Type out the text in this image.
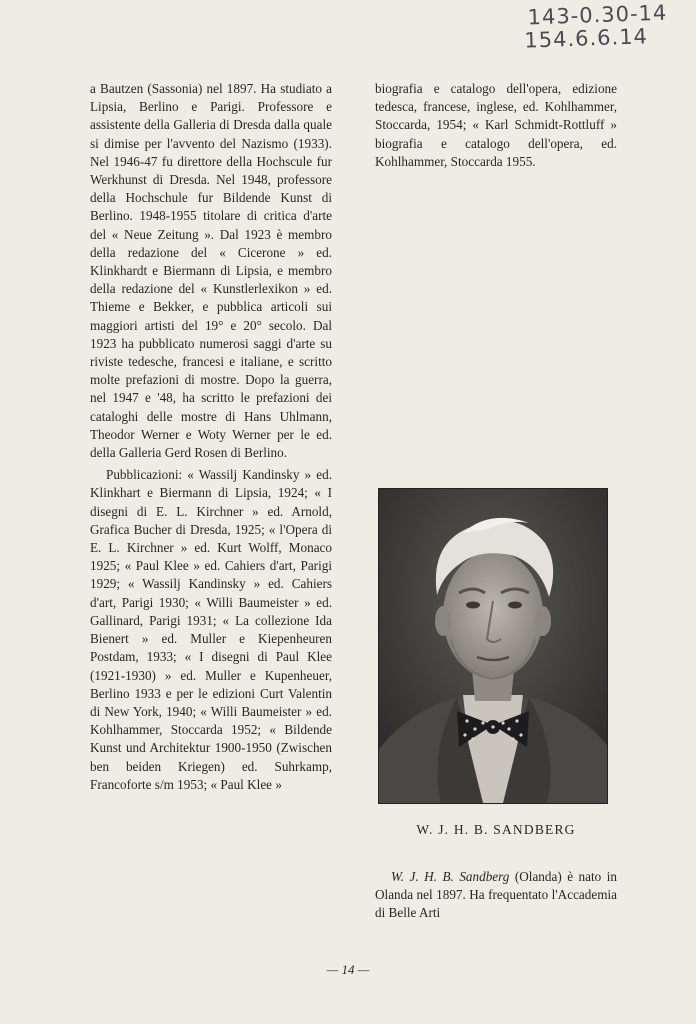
143-0.30-14
154.6.6.14

a Bautzen (Sassonia) nel 1897. Ha studiato a Lipsia, Berlino e Parigi. Professore e assistente della Galleria di Dresda dalla quale si dimise per l'avvento del Nazismo (1933). Nel 1946-47 fu direttore della Hochscule fur Werkhunst di Dresda. Nel 1948, professore della Hochschule fur Bildende Kunst di Berlino. 1948-1955 titolare di critica d'arte del « Neue Zeitung ». Dal 1923 è membro della redazione del « Cicerone » ed. Klinkhardt e Biermann di Lipsia, e membro della redazione del « Kunstlerlexikon » ed. Thieme e Bekker, e pubblica articoli sui maggiori artisti del 19° e 20° secolo. Dal 1923 ha pubblicato numerosi saggi d'arte su riviste tedesche, francesi e italiane, e scritto molte prefazioni di mostre. Dopo la guerra, nel 1947 e '48, ha scritto le prefazioni dei cataloghi delle mostre di Hans Uhlmann, Theodor Werner e Woty Werner per le ed. della Galleria Gerd Rosen di Berlino.

Pubblicazioni: « Wassilj Kandinsky » ed. Klinkhart e Biermann di Lipsia, 1924; « I disegni di E. L. Kirchner » ed. Arnold, Grafica Bucher di Dresda, 1925; « l'Opera di E. L. Kirchner » ed. Kurt Wolff, Monaco 1925; « Paul Klee » ed. Cahiers d'art, Parigi 1929; « Wassilj Kandinsky » ed. Cahiers d'art, Parigi 1930; « Willi Baumeister » ed. Gallinard, Parigi 1931; « La collezione Ida Bienert » ed. Muller e Kiepenheuren Postdam, 1933; « I disegni di Paul Klee (1921-1930) » ed. Muller e Kupenheuer, Berlino 1933 e per le edizioni Curt Valentin di New York, 1940; « Willi Baumeister » ed. Kohlhammer, Stoccarda 1952; « Bildende Kunst und Architektur 1900-1950 (Zwischen ben beiden Kriegen) ed. Suhrkamp, Francoforte s/m 1953; « Paul Klee »

biografia e catalogo dell'opera, edizione tedesca, francese, inglese, ed. Kohlhammer, Stoccarda, 1954; « Karl Schmidt-Rottluff » biografia e catalogo dell'opera, ed. Kohlhammer, Stoccarda 1955.

W. J. H. B. SANDBERG

W. J. H. B. Sandberg (Olanda) è nato in Olanda nel 1897. Ha frequentato l'Accademia di Belle Arti

— 14 —
